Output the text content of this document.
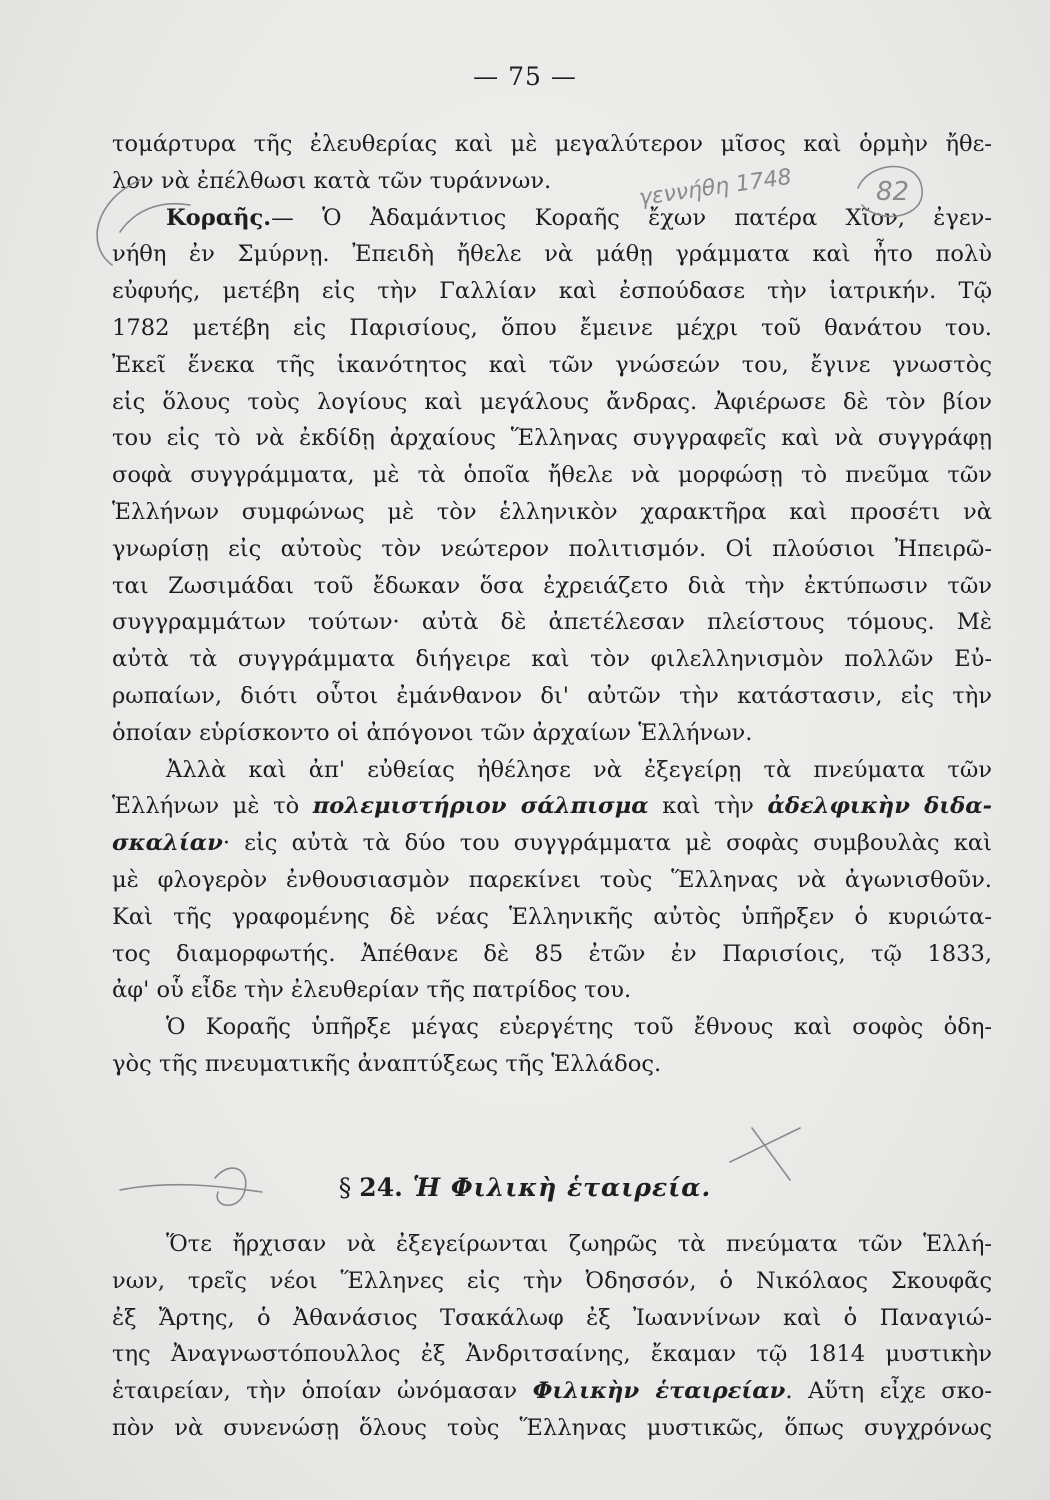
— 75 —
τομάρτυρα τῆς ἐλευθερίας καὶ μὲ μεγαλύτερον μῖσος καὶ ὁρμὴν ἤθε-
λον νὰ ἐπέλθωσι κατὰ τῶν τυράννων.
Κοραῆς.— Ὁ Ἀδαμάντιος Κοραῆς ἔχων πατέρα Χῖον, ἐγεν-
νήθη ἐν Σμύρνῃ. Ἐπειδὴ ἤθελε νὰ μάθῃ γράμματα καὶ ἦτο πολὺ
εὐφυής, μετέβη εἰς τὴν Γαλλίαν καὶ ἐσπούδασε τὴν ἰατρικήν. Τῷ
1782 μετέβη εἰς Παρισίους, ὅπου ἔμεινε μέχρι τοῦ θανάτου του.
Ἐκεῖ ἕνεκα τῆς ἱκανότητος καὶ τῶν γνώσεών του, ἔγινε γνωστὸς
εἰς ὅλους τοὺς λογίους καὶ μεγάλους ἄνδρας. Ἀφιέρωσε δὲ τὸν βίον
του εἰς τὸ νὰ ἐκδίδῃ ἀρχαίους Ἕλληνας συγγραφεῖς καὶ νὰ συγγράφῃ
σοφὰ συγγράμματα, μὲ τὰ ὁποῖα ἤθελε νὰ μορφώσῃ τὸ πνεῦμα τῶν
Ἑλλήνων συμφώνως μὲ τὸν ἑλληνικὸν χαρακτῆρα καὶ προσέτι νὰ
γνωρίσῃ εἰς αὐτοὺς τὸν νεώτερον πολιτισμόν. Οἱ πλούσιοι Ἠπειρῶ-
ται Ζωσιμάδαι τοῦ ἔδωκαν ὅσα ἐχρειάζετο διὰ τὴν ἐκτύπωσιν τῶν
συγγραμμάτων τούτων· αὐτὰ δὲ ἀπετέλεσαν πλείστους τόμους. Μὲ
αὐτὰ τὰ συγγράμματα διήγειρε καὶ τὸν φιλελληνισμὸν πολλῶν Εὐ-
ρωπαίων, διότι οὗτοι ἐμάνθανον δι' αὐτῶν τὴν κατάστασιν, εἰς τὴν
ὁποίαν εὑρίσκοντο οἱ ἀπόγονοι τῶν ἀρχαίων Ἑλλήνων.
Ἀλλὰ καὶ ἀπ' εὐθείας ἠθέλησε νὰ ἐξεγείρῃ τὰ πνεύματα τῶν
Ἑλλήνων μὲ τὸ πολεμιστήριον σάλπισμα καὶ τὴν ἀδελφικὴν διδα-
σκαλίαν· εἰς αὐτὰ τὰ δύο του συγγράμματα μὲ σοφὰς συμβουλὰς καὶ
μὲ φλογερὸν ἐνθουσιασμὸν παρεκίνει τοὺς Ἕλληνας νὰ ἀγωνισθοῦν.
Καὶ τῆς γραφομένης δὲ νέας Ἑλληνικῆς αὐτὸς ὑπῆρξεν ὁ κυριώτα-
τος διαμορφωτής. Ἀπέθανε δὲ 85 ἐτῶν ἐν Παρισίοις, τῷ 1833,
ἀφ' οὗ εἶδε τὴν ἐλευθερίαν τῆς πατρίδος του.
Ὁ Κοραῆς ὑπῆρξε μέγας εὐεργέτης τοῦ ἔθνους καὶ σοφὸς ὁδη-
γὸς τῆς πνευματικῆς ἀναπτύξεως τῆς Ἑλλάδος.
§ 24. Ἡ Φιλικὴ ἑταιρεία.
Ὅτε ἤρχισαν νὰ ἐξεγείρωνται ζωηρῶς τὰ πνεύματα τῶν Ἑλλή-
νων, τρεῖς νέοι Ἕλληνες εἰς τὴν Ὀδησσόν, ὁ Νικόλαος Σκουφᾶς
ἐξ Ἄρτης, ὁ Ἀθανάσιος Τσακάλωφ ἐξ Ἰωαννίνων καὶ ὁ Παναγιώ-
της Ἀναγνωστόπουλλος ἐξ Ἀνδριτσαίνης, ἔκαμαν τῷ 1814 μυστικὴν
ἑταιρείαν, τὴν ὁποίαν ὠνόμασαν Φιλικὴν ἑταιρείαν. Αὕτη εἶχε σκο-
πὸν νὰ συνενώσῃ ὅλους τοὺς Ἕλληνας μυστικῶς, ὅπως συγχρόνως
γεννήθη 1748	82
